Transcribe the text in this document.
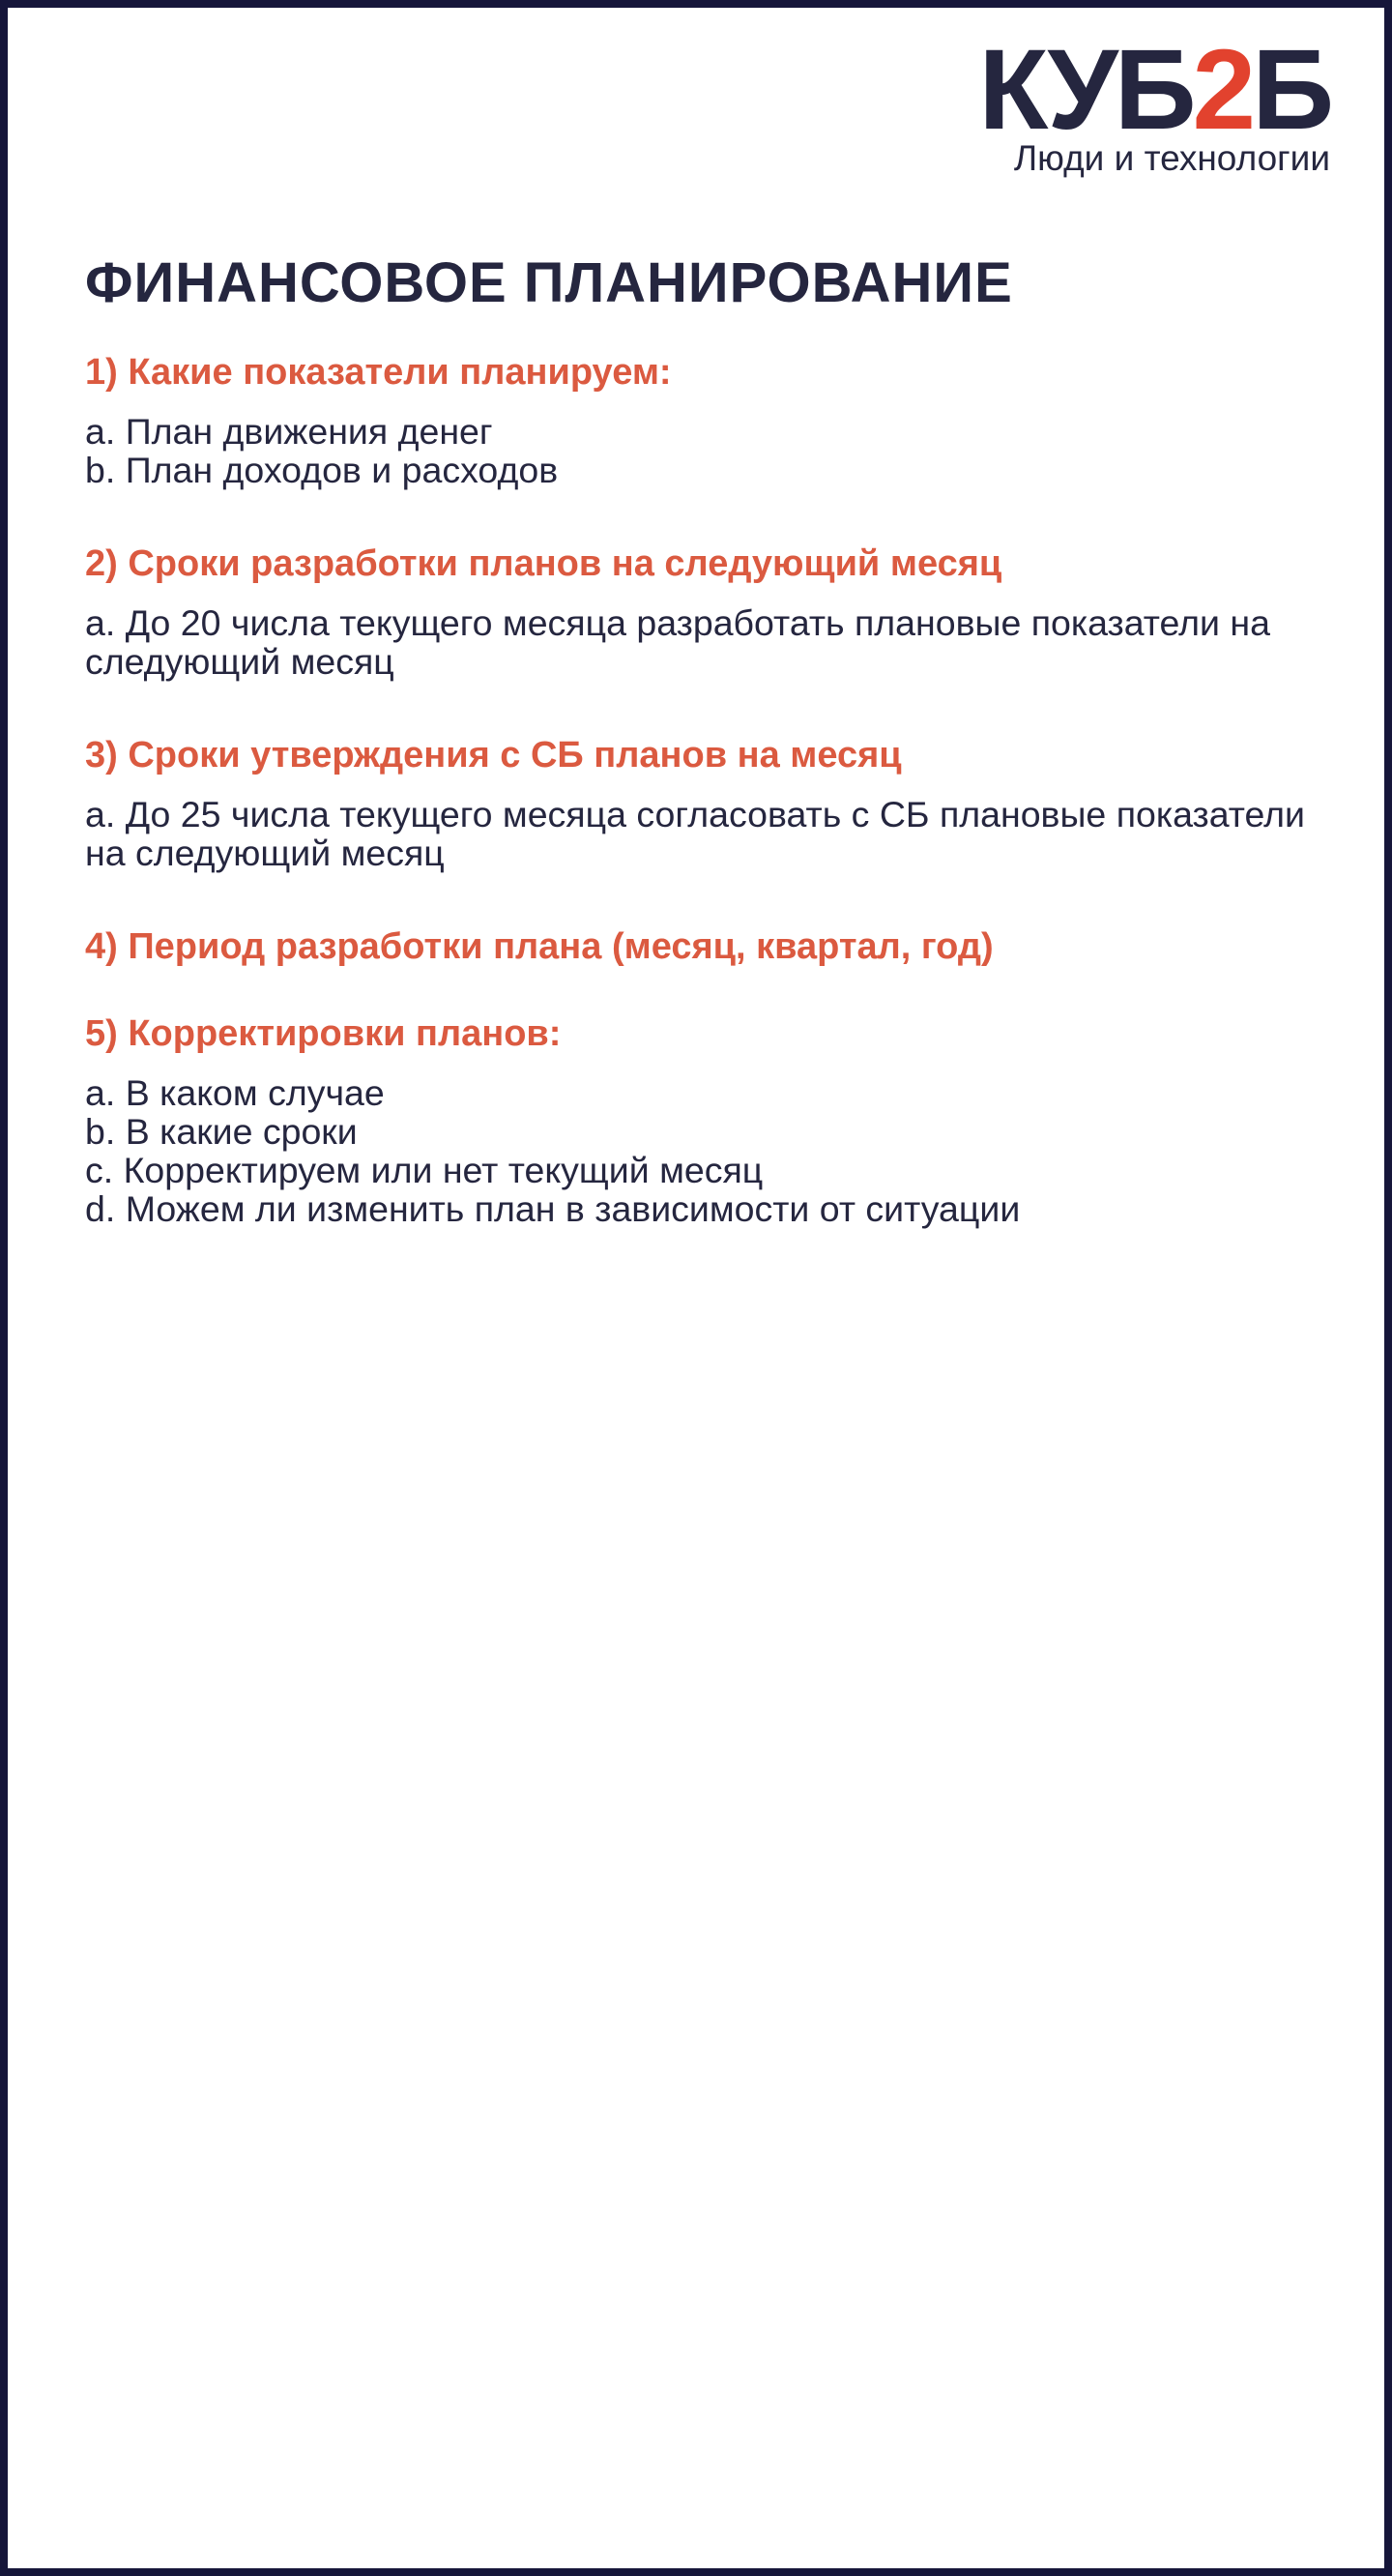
КУБ2Б
Люди и технологии
ФИНАНСОВОЕ ПЛАНИРОВАНИЕ
1) Какие показатели планируем:
a. План движения денег
b. План доходов и расходов
2) Сроки разработки планов на следующий месяц
a. До 20 числа текущего месяца разработать плановые показатели на следующий месяц
3) Сроки утверждения с СБ планов на месяц
a. До 25 числа текущего месяца согласовать с СБ плановые показатели на следующий месяц
4) Период разработки плана (месяц, квартал, год)
5) Корректировки планов:
a. В каком случае
b. В какие сроки
c. Корректируем или нет текущий месяц
d. Можем ли изменить план в зависимости от ситуации
